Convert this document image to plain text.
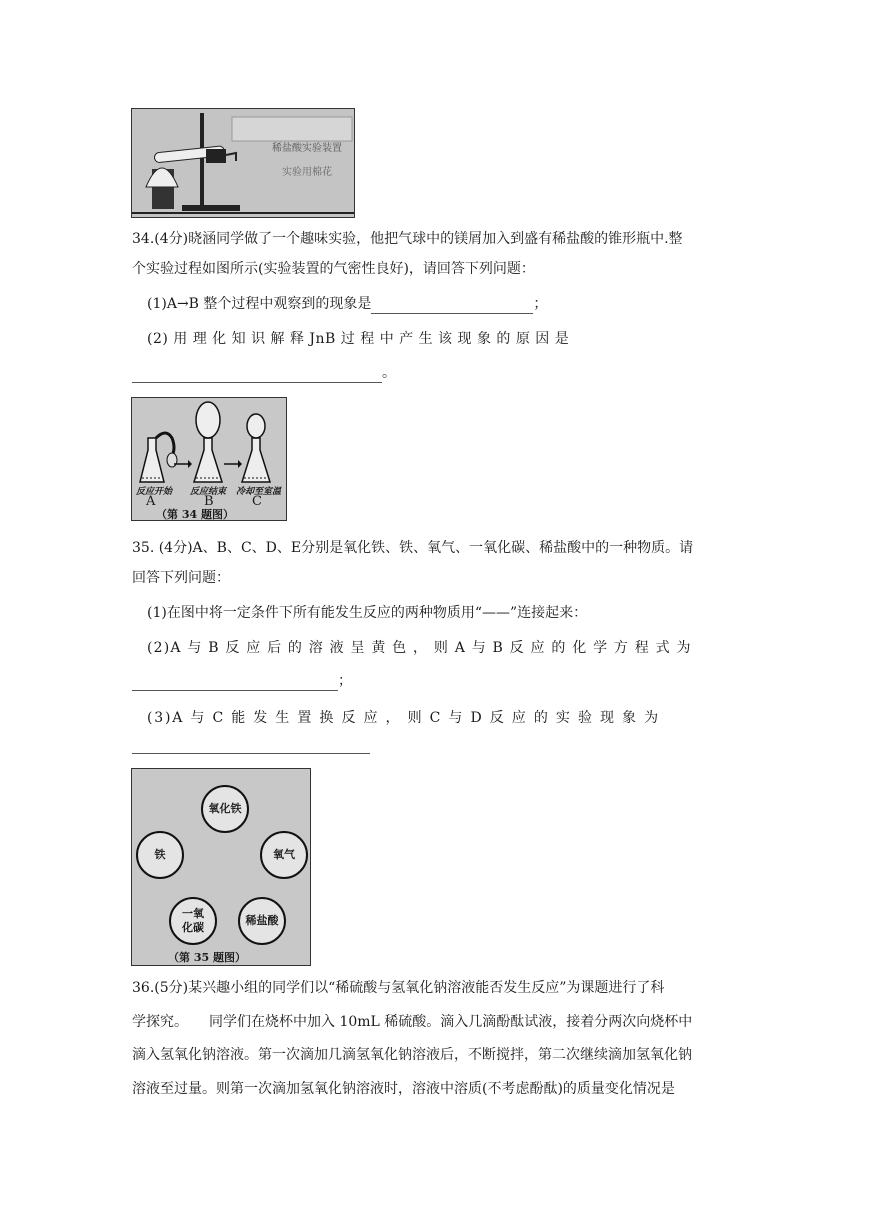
稀盐酸实验装置
实验用棉花
34.(4分)晓涵同学做了一个趣味实验，他把气球中的镁屑加入到盛有稀盐酸的锥形瓶中.整
个实验过程如图所示(实验装置的气密性良好)，请回答下列问题：
(1)A→B 整个过程中观察到的现象是	；
(2) 用 理 化 知 识 解 释 JnB 过 程 中 产 生 该 现 象 的 原 因 是
。
反应开始 反应结束 冷却至室温
A	B	C
（第 34 题图）
35. (4分)A、B、C、D、E分别是氧化铁、铁、氧气、一氧化碳、稀盐酸中的一种物质。请
回答下列问题：
(1)在图中将一定条件下所有能发生反应的两种物质用“——”连接起来：
(2)A 与 B 反 应 后 的 溶 液 呈 黄 色 ， 则 A 与 B 反 应 的 化 学 方 程 式 为
；
(3)A 与 C 能 发 生 置 换 反 应 ， 则 C 与 D 反 应 的 实 验 现 象 为
氧化铁
铁	氧气
一氧
化碳
稀盐酸
（第 35 题图）
36.(5分)某兴趣小组的同学们以“稀硫酸与氢氧化钠溶液能否发生反应”为课题进行了科
学探究。　　同学们在烧杯中加入 10mL 稀硫酸。滴入几滴酚酞试液，接着分两次向烧杯中
滴入氢氧化钠溶液。第一次滴加几滴氢氧化钠溶液后，不断搅拌，第二次继续滴加氢氧化钠
溶液至过量。则第一次滴加氢氧化钠溶液时，溶液中溶质(不考虑酚酞)的质量变化情况是
